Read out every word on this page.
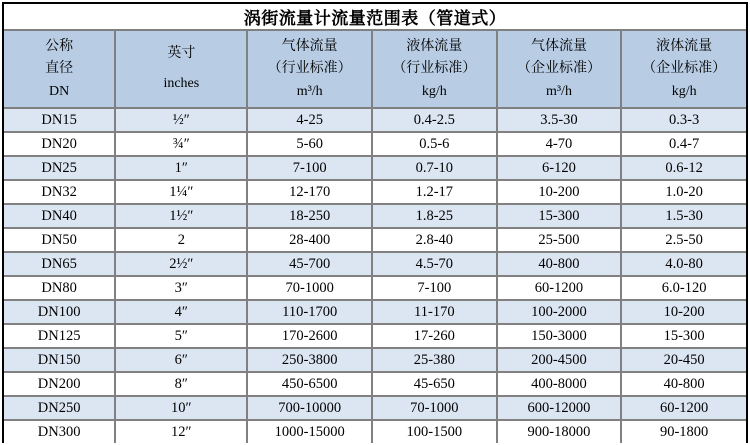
涡街流量计流量范围表（管道式）					

公称
直径
DN

英寸
inches

气体流量
（行业标准）
m³/h

液体流量
（行业标准）
kg/h

气体流量
（企业标准）
m³/h

液体流量
（企业标准）
kg/h

DN15	½″	4-25	0.4-2.5	3.5-30	0.3-3
DN20	¾″	5-60	0.5-6	4-70	0.4-7
DN25	1″	7-100	0.7-10	6-120	0.6-12
DN32	1¼″	12-170	1.2-17	10-200	1.0-20
DN40	1½″	18-250	1.8-25	15-300	1.5-30
DN50	2	28-400	2.8-40	25-500	2.5-50
DN65	2½″	45-700	4.5-70	40-800	4.0-80
DN80	3″	70-1000	7-100	60-1200	6.0-120
DN100	4″	110-1700	11-170	100-2000	10-200
DN125	5″	170-2600	17-260	150-3000	15-300
DN150	6″	250-3800	25-380	200-4500	20-450
DN200	8″	450-6500	45-650	400-8000	40-800
DN250	10″	700-10000	70-1000	600-12000	60-1200
DN300	12″	1000-15000	100-1500	900-18000	90-1800
